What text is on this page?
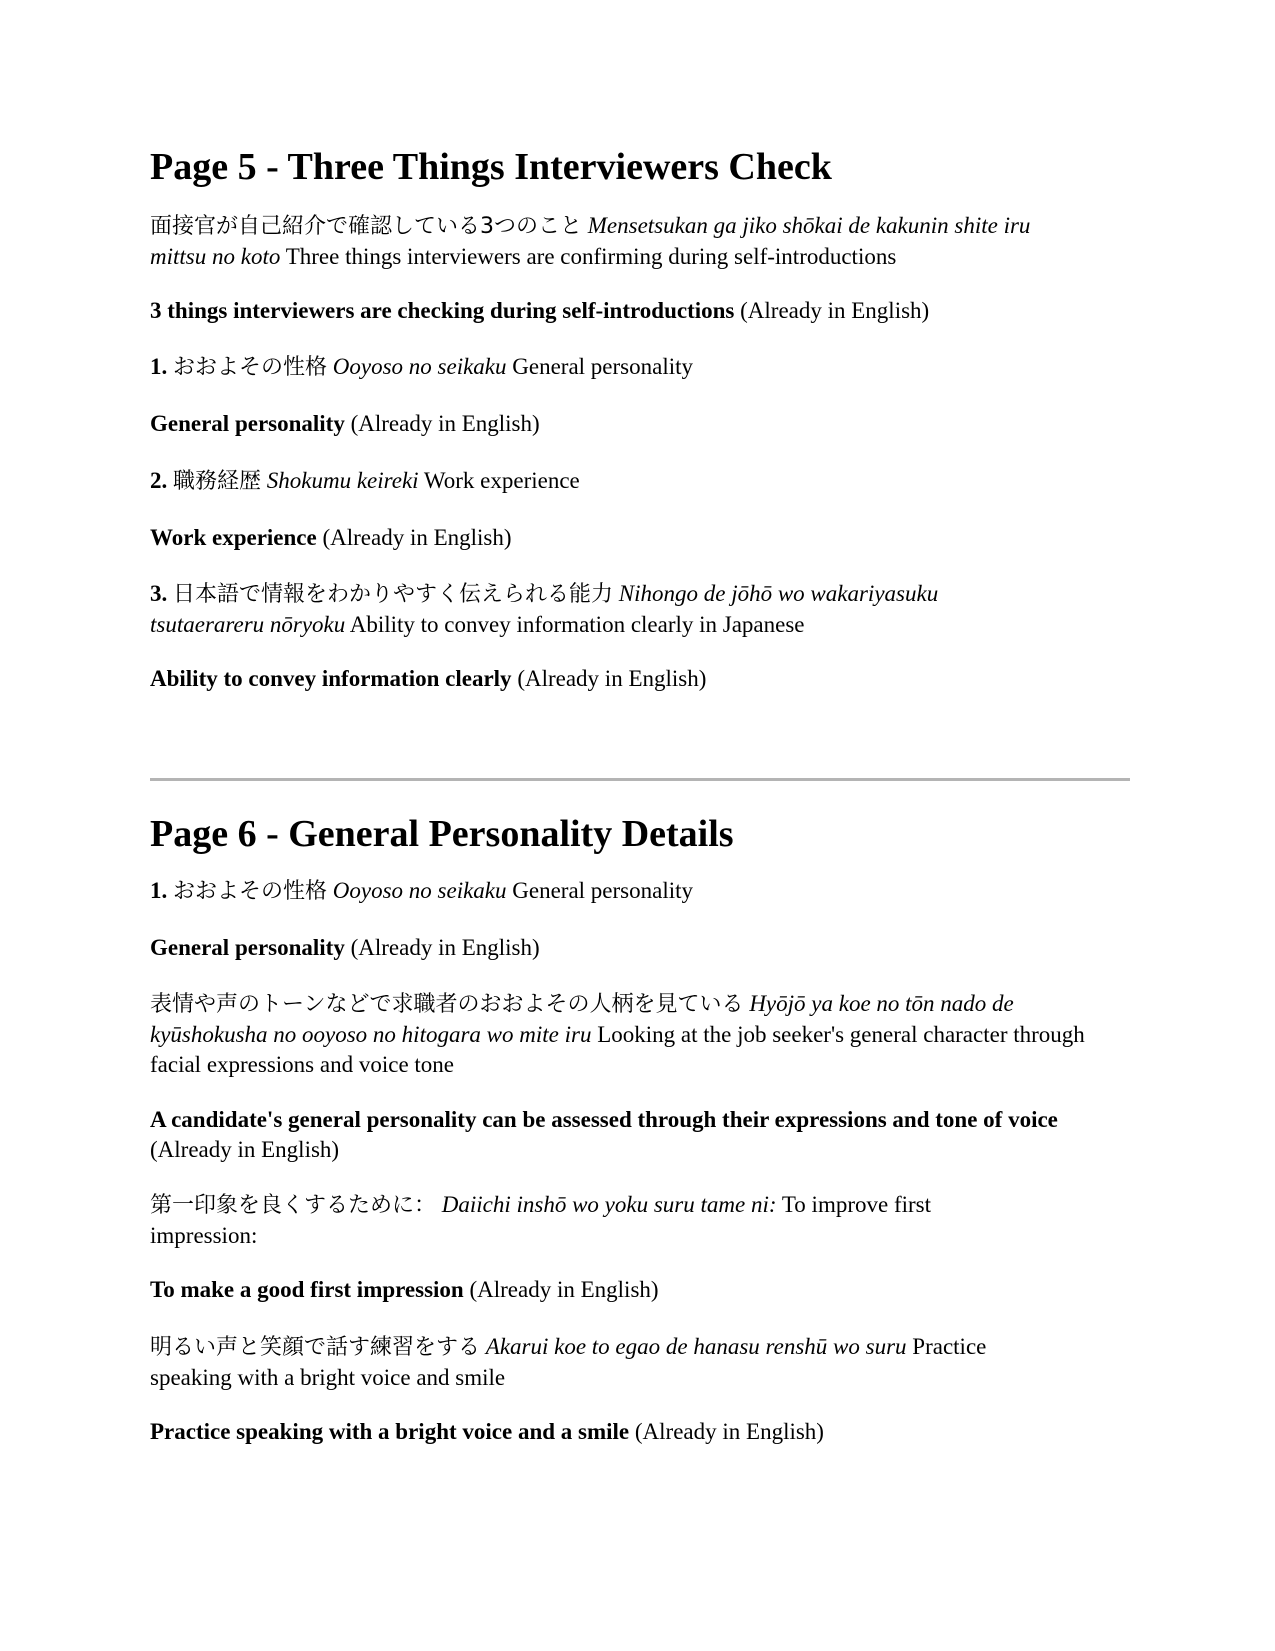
Page 5 - Three Things Interviewers Check

面接官が自己紹介で確認している3つのこと Mensetsukan ga jiko shōkai de kakunin shite iru mittsu no koto Three things interviewers are confirming during self-introductions

3 things interviewers are checking during self-introductions (Already in English)

1. おおよその性格 Ooyoso no seikaku General personality

General personality (Already in English)

2. 職務経歴 Shokumu keireki Work experience

Work experience (Already in English)

3. 日本語で情報をわかりやすく伝えられる能力 Nihongo de jōhō wo wakariyasuku tsutaerareru nōryoku Ability to convey information clearly in Japanese

Ability to convey information clearly (Already in English)

Page 6 - General Personality Details

1. おおよその性格 Ooyoso no seikaku General personality

General personality (Already in English)

表情や声のトーンなどで求職者のおおよその人柄を見ている Hyōjō ya koe no tōn nado de kyūshokusha no ooyoso no hitogara wo mite iru Looking at the job seeker's general character through facial expressions and voice tone

A candidate's general personality can be assessed through their expressions and tone of voice (Already in English)

第一印象を良くするために： Daiichi inshō wo yoku suru tame ni: To improve first impression:

To make a good first impression (Already in English)

明るい声と笑顔で話す練習をする Akarui koe to egao de hanasu renshū wo suru Practice speaking with a bright voice and smile

Practice speaking with a bright voice and a smile (Already in English)
